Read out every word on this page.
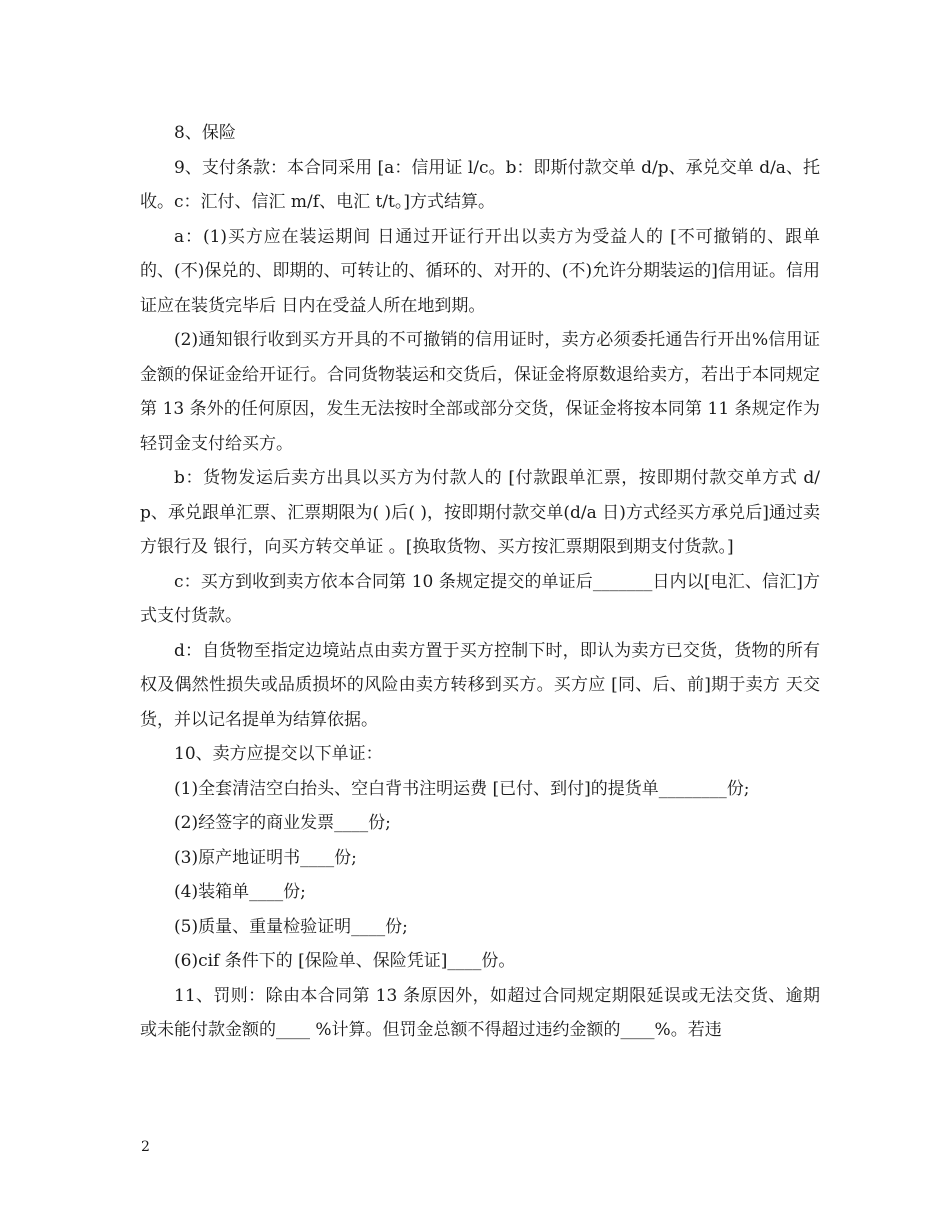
8、保险

9、支付条款：本合同采用 [a：信用证 l/c。b：即斯付款交单 d/p、承兑交单 d/a、托收。c：汇付、信汇 m/f、电汇 t/t。]方式结算。

a：(1)买方应在装运期间 日通过开证行开出以卖方为受益人的 [不可撤销的、跟单的、(不)保兑的、即期的、可转让的、循环的、对开的、(不)允许分期装运的]信用证。信用证应在装货完毕后 日内在受益人所在地到期。

(2)通知银行收到买方开具的不可撤销的信用证时，卖方必须委托通告行开出%信用证金额的保证金给开证行。合同货物装运和交货后，保证金将原数退给卖方，若出于本同规定第 13 条外的任何原因，发生无法按时全部或部分交货，保证金将按本同第 11 条规定作为轻罚金支付给买方。

b：货物发运后卖方出具以买方为付款人的 [付款跟单汇票，按即期付款交单方式 d/p、承兑跟单汇票、汇票期限为( )后( )，按即期付款交单(d/a 日)方式经买方承兑后]通过卖方银行及 银行，向买方转交单证 。[换取货物、买方按汇票期限到期支付货款。]

c：买方到收到卖方依本合同第 10 条规定提交的单证后_______日内以[电汇、信汇]方式支付货款。

d：自货物至指定边境站点由卖方置于买方控制下时，即认为卖方已交货，货物的所有权及偶然性损失或品质损坏的风险由卖方转移到买方。买方应 [同、后、前]期于卖方 天交货，并以记名提单为结算依据。

10、卖方应提交以下单证：

(1)全套清洁空白抬头、空白背书注明运费 [已付、到付]的提货单________份;

(2)经签字的商业发票____份;

(3)原产地证明书____份;

(4)装箱单____份;

(5)质量、重量检验证明____份;

(6)cif 条件下的 [保险单、保险凭证]____份。

11、罚则：除由本合同第 13 条原因外，如超过合同规定期限延误或无法交货、逾期或未能付款金额的____ %计算。但罚金总额不得超过违约金额的____%。若违

2
